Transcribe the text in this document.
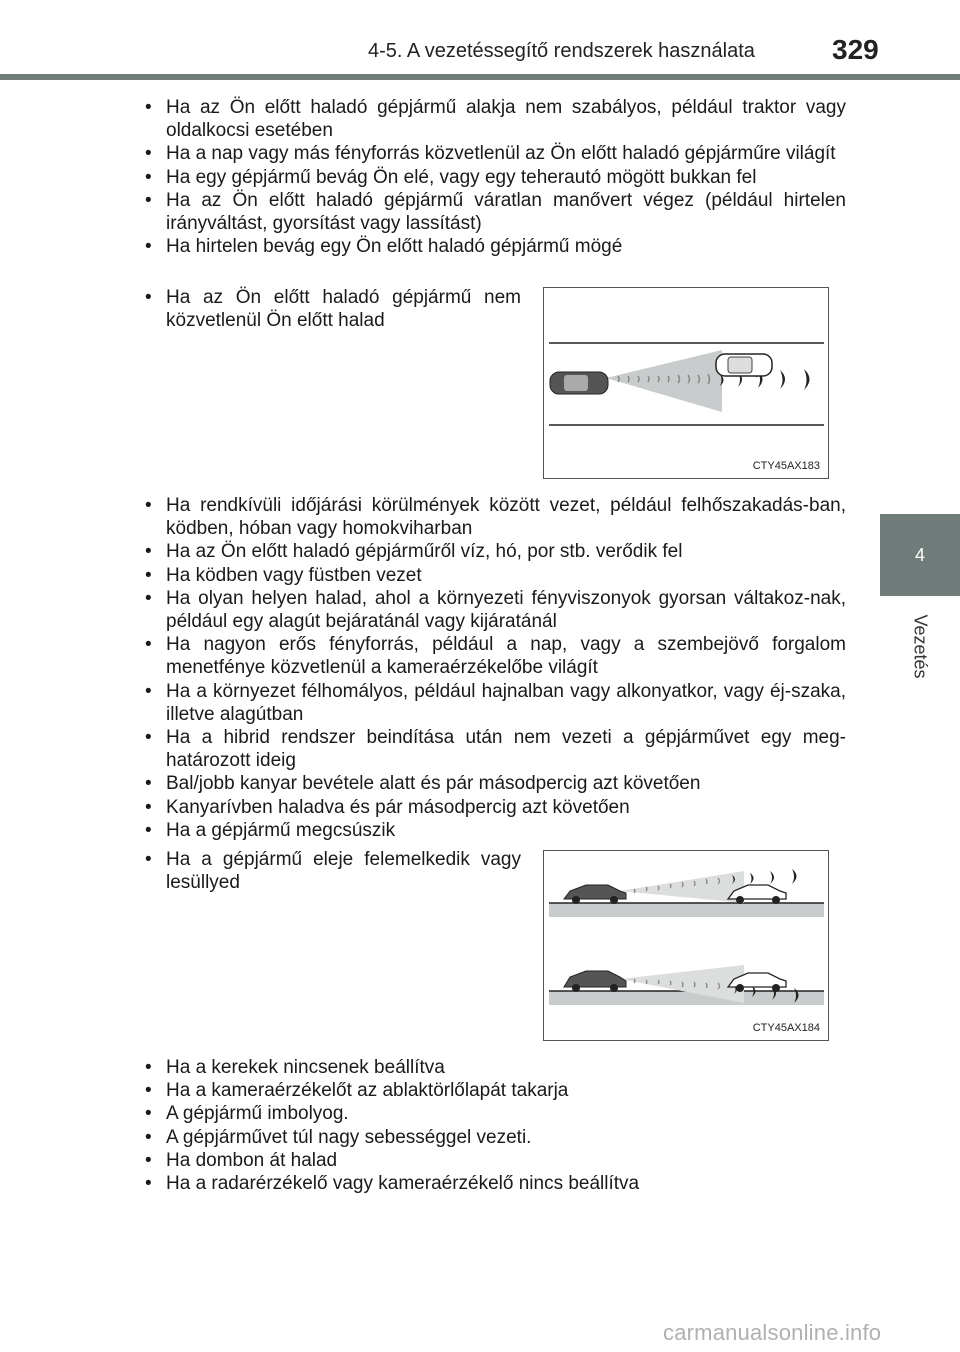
4-5. A vezetéssegítő rendszerek használata	329
4
Vezetés
• Ha az Ön előtt haladó gépjármű alakja nem szabályos, például traktor vagy oldalkocsi esetében
• Ha a nap vagy más fényforrás közvetlenül az Ön előtt haladó gépjárműre világít
• Ha egy gépjármű bevág Ön elé, vagy egy teherautó mögött bukkan fel
• Ha az Ön előtt haladó gépjármű váratlan manővert végez (például hirtelen irányváltást, gyorsítást vagy lassítást)
• Ha hirtelen bevág egy Ön előtt haladó gépjármű mögé
• Ha az Ön előtt haladó gépjármű nem közvetlenül Ön előtt halad
CTY45AX183
• Ha rendkívüli időjárási körülmények között vezet, például felhőszakadás-ban, ködben, hóban vagy homokviharban
• Ha az Ön előtt haladó gépjárműről víz, hó, por stb. verődik fel
• Ha ködben vagy füstben vezet
• Ha olyan helyen halad, ahol a környezeti fényviszonyok gyorsan váltakoz-nak, például egy alagút bejáratánál vagy kijáratánál
• Ha nagyon erős fényforrás, például a nap, vagy a szembejövő forgalom menetfénye közvetlenül a kameraérzékelőbe világít
• Ha a környezet félhomályos, például hajnalban vagy alkonyatkor, vagy éj-szaka, illetve alagútban
• Ha a hibrid rendszer beindítása után nem vezeti a gépjárművet egy meg-határozott ideig
• Bal/jobb kanyar bevétele alatt és pár másodpercig azt követően
• Kanyarívben haladva és pár másodpercig azt követően
• Ha a gépjármű megcsúszik
• Ha a gépjármű eleje felemelkedik vagy lesüllyed
CTY45AX184
• Ha a kerekek nincsenek beállítva
• Ha a kameraérzékelőt az ablaktörlőlapát takarja
• A gépjármű imbolyog.
• A gépjárművet túl nagy sebességgel vezeti.
• Ha dombon át halad
• Ha a radarérzékelő vagy kameraérzékelő nincs beállítva
carmanualsonline.info
